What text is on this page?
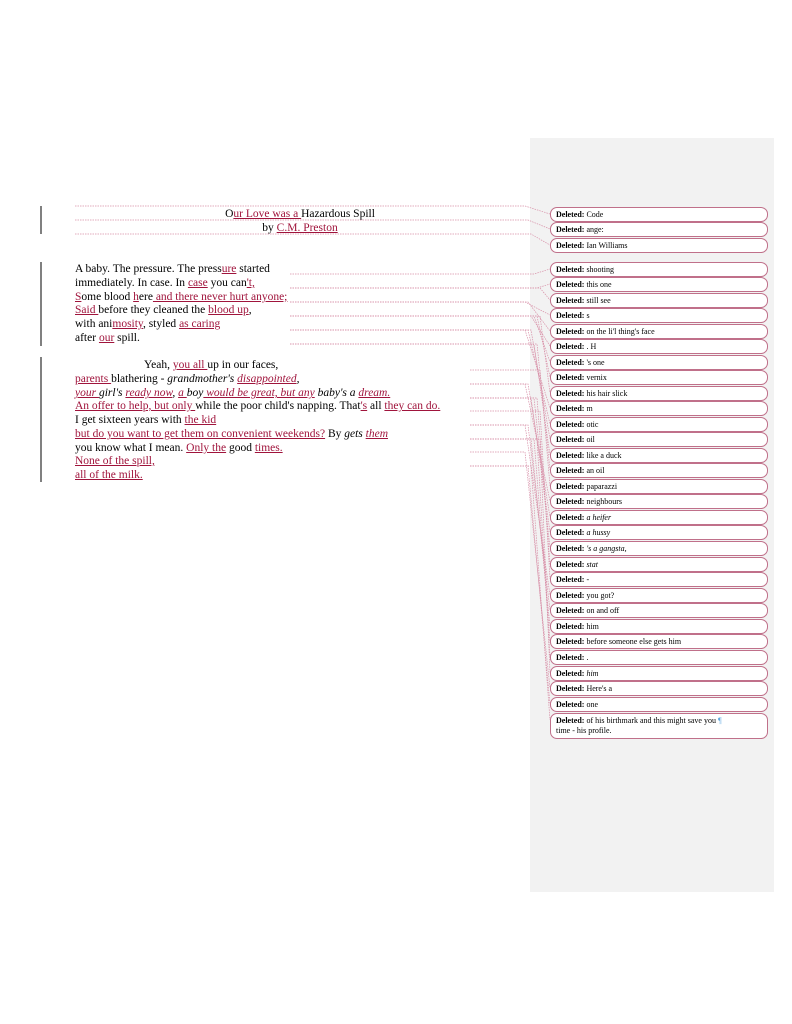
Our Love was a Hazardous Spill
by C.M. Preston
A baby. The pressure. The pressure started
immediately. In case. In case you can't,
Some blood here and there never hurt anyone;
Said before they cleaned the blood up,
with animosity, styled as caring
after our spill.
Yeah, you all up in our faces,
parents blathering - grandmother's disappointed,
your girl's ready now, a boy would be great, but any baby's a dream.
An offer to help, but only while the poor child's napping. That's all they can do.
I get sixteen years with the kid
but do you want to get them on convenient weekends? By gets them
you know what I mean. Only the good times.
None of the spill,
all of the milk.
Deleted: Code
Deleted: ange:
Deleted: Ian Williams
Deleted: shooting
Deleted: this one
Deleted: still see
Deleted: s
Deleted: on the li'l thing's face
Deleted: . H
Deleted: 's one
Deleted: vernix
Deleted: his hair slick
Deleted: m
Deleted: otic
Deleted: oil
Deleted: like a duck
Deleted: an oil
Deleted: paparazzi
Deleted: neighbours
Deleted: a heifer
Deleted: a hussy
Deleted: 's a gangsta,
Deleted: stat
Deleted: -
Deleted: you got?
Deleted: on and off
Deleted: him
Deleted: before someone else gets him
Deleted: .
Deleted: him
Deleted: Here's a
Deleted: one
Deleted: of his birthmark and this might save you ¶
time - his profile.
